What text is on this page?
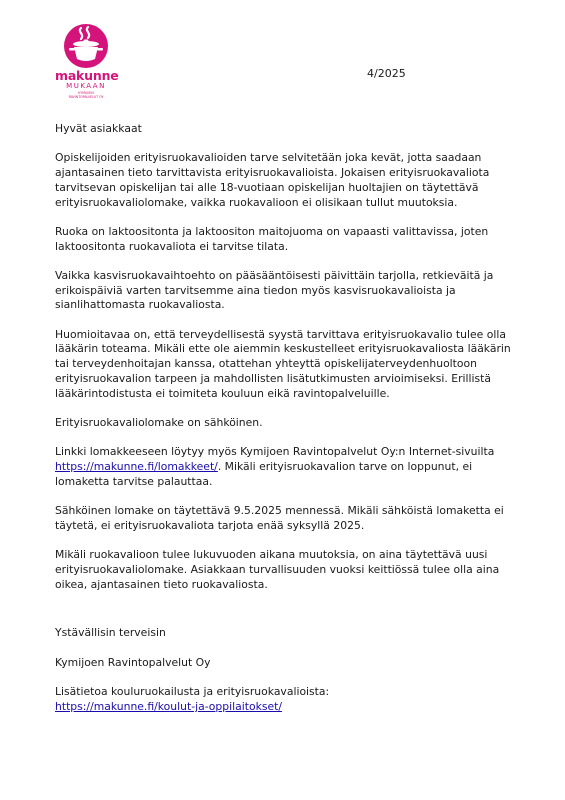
makunne
MUKAAN
KYMIJOEN
RAVINTOPALVELUT OY
4/2025

Hyvät asiakkaat

Opiskelijoiden erityisruokavalioiden tarve selvitetään joka kevät, jotta saadaan ajantasainen tieto tarvittavista erityisruokavalioista. Jokaisen erityisruokavaliota tarvitsevan opiskelijan tai alle 18-vuotiaan opiskelijan huoltajien on täytettävä erityisruokavaliolomake, vaikka ruokavalioon ei olisikaan tullut muutoksia.

Ruoka on laktoositonta ja laktoositon maitojuoma on vapaasti valittavissa, joten laktoositonta ruokavaliota ei tarvitse tilata.

Vaikka kasvisruokavaihtoehto on pääsääntöisesti päivittäin tarjolla, retkieväitä ja erikoispäiviä varten tarvitsemme aina tiedon myös kasvisruokavalioista ja sianlihattomasta ruokavaliosta.

Huomioitavaa on, että terveydellisestä syystä tarvittava erityisruokavalio tulee olla lääkärin toteama. Mikäli ette ole aiemmin keskustelleet erityisruokavaliosta lääkärin tai terveydenhoitajan kanssa, otattehan yhteyttä opiskelijaterveydenhuoltoon erityisruokavalion tarpeen ja mahdollisten lisätutkimusten arvioimiseksi. Erillistä lääkärintodistusta ei toimiteta kouluun eikä ravintopalveluille.

Erityisruokavaliolomake on sähköinen.

Linkki lomakkeeseen löytyy myös Kymijoen Ravintopalvelut Oy:n Internet-sivuilta https://makunne.fi/lomakkeet/. Mikäli erityisruokavalion tarve on loppunut, ei lomaketta tarvitse palauttaa.

Sähköinen lomake on täytettävä 9.5.2025 mennessä. Mikäli sähköistä lomaketta ei täytetä, ei erityisruokavaliota tarjota enää syksyllä 2025.

Mikäli ruokavalioon tulee lukuvuoden aikana muutoksia, on aina täytettävä uusi erityisruokavaliolomake. Asiakkaan turvallisuuden vuoksi keittiössä tulee olla aina oikea, ajantasainen tieto ruokavaliosta.

Ystävällisin terveisin

Kymijoen Ravintopalvelut Oy

Lisätietoa kouluruokailusta ja erityisruokavalioista:

https://makunne.fi/koulut-ja-oppilaitokset/
